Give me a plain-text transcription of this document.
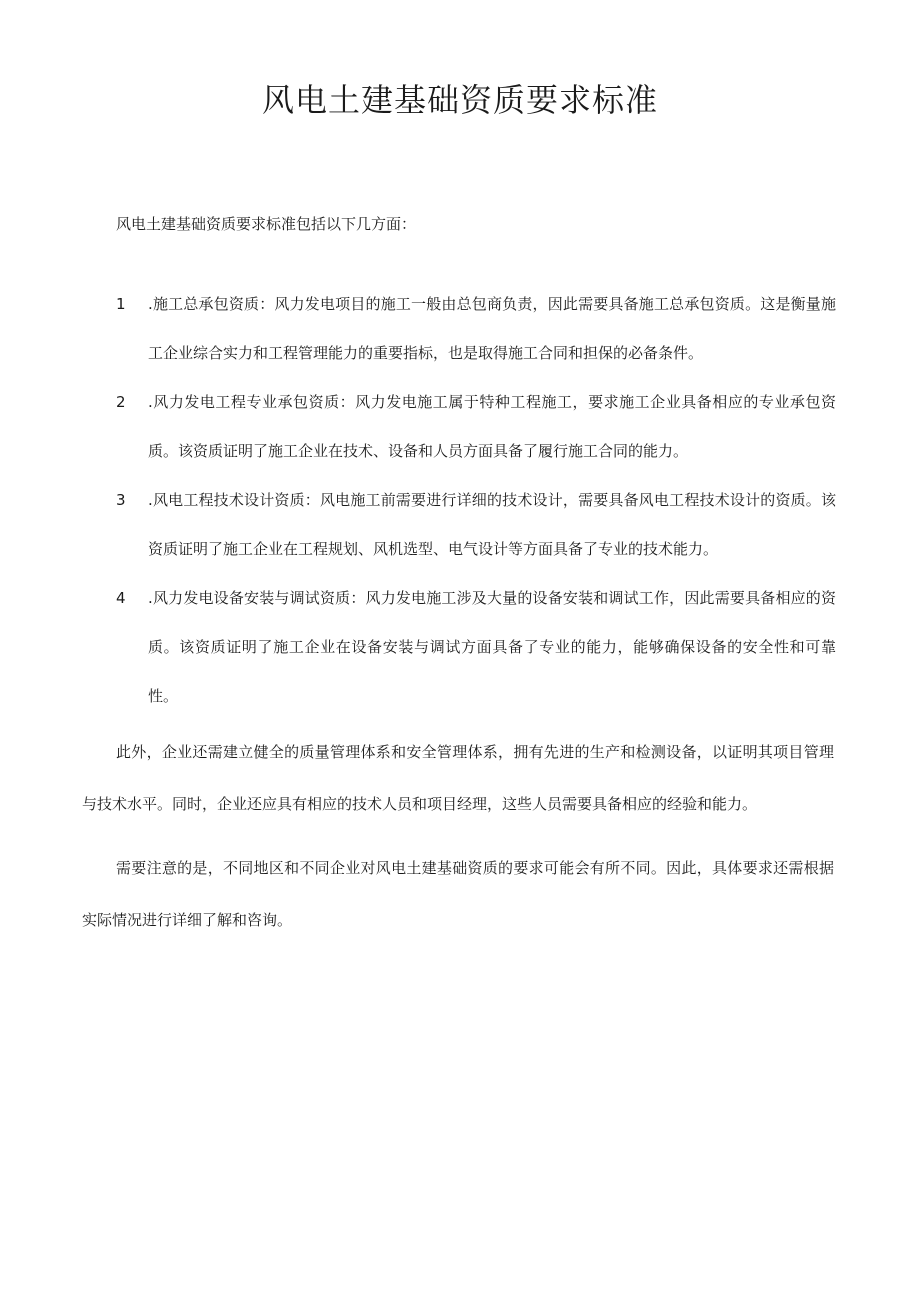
风电土建基础资质要求标准

风电土建基础资质要求标准包括以下几方面：

1	.施工总承包资质：风力发电项目的施工一般由总包商负责，因此需要具备施工总承包资质。这是衡量施工企业综合实力和工程管理能力的重要指标，也是取得施工合同和担保的必备条件。
2	.风力发电工程专业承包资质：风力发电施工属于特种工程施工，要求施工企业具备相应的专业承包资质。该资质证明了施工企业在技术、设备和人员方面具备了履行施工合同的能力。
3	.风电工程技术设计资质：风电施工前需要进行详细的技术设计，需要具备风电工程技术设计的资质。该资质证明了施工企业在工程规划、风机选型、电气设计等方面具备了专业的技术能力。
4	.风力发电设备安装与调试资质：风力发电施工涉及大量的设备安装和调试工作，因此需要具备相应的资质。该资质证明了施工企业在设备安装与调试方面具备了专业的能力，能够确保设备的安全性和可靠性。

此外，企业还需建立健全的质量管理体系和安全管理体系，拥有先进的生产和检测设备，以证明其项目管理与技术水平。同时，企业还应具有相应的技术人员和项目经理，这些人员需要具备相应的经验和能力。

需要注意的是，不同地区和不同企业对风电土建基础资质的要求可能会有所不同。因此，具体要求还需根据实际情况进行详细了解和咨询。
